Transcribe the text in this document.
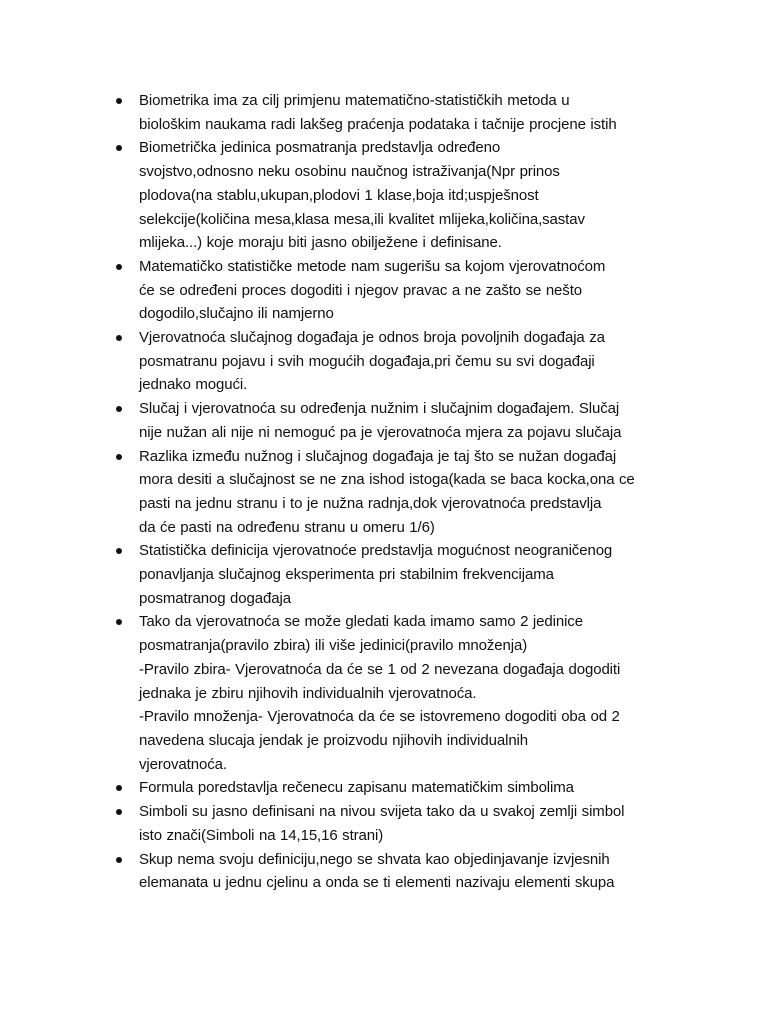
Biometrika ima za cilj primjenu matematično-statističkih metoda u
biološkim naukama radi lakšeg praćenja podataka i tačnije procjene istih
Biometrička jedinica posmatranja predstavlja određeno
svojstvo,odnosno neku osobinu naučnog istraživanja(Npr prinos
plodova(na stablu,ukupan,plodovi 1 klase,boja itd;uspješnost
selekcije(količina mesa,klasa mesa,ili kvalitet mlijeka,količina,sastav
mlijeka...) koje moraju biti jasno obilježene i definisane.
Matematičko statističke metode nam sugerišu sa kojom vjerovatnoćom
će se određeni proces dogoditi i njegov pravac a ne zašto se nešto
dogodilo,slučajno ili namjerno
Vjerovatnoća slučajnog događaja je odnos broja povoljnih događaja za
posmatranu pojavu i svih mogućih događaja,pri čemu su svi događaji
jednako mogući.
Slučaj i vjerovatnoća su određenja nužnim i slučajnim događajem. Slučaj
nije nužan ali nije ni nemoguć pa je vjerovatnoća mjera za pojavu slučaja
Razlika između nužnog i slučajnog događaja je taj što se nužan događaj
mora desiti a slučajnost se ne zna ishod istoga(kada se baca kocka,ona ce
pasti na jednu stranu i to je nužna radnja,dok vjerovatnoća predstavlja
da će pasti na određenu stranu u omeru 1/6)
Statistička definicija vjerovatnoće predstavlja mogućnost neograničenog
ponavljanja slučajnog eksperimenta pri stabilnim frekvencijama
posmatranog događaja
Tako da vjerovatnoća se može gledati kada imamo samo 2 jedinice
posmatranja(pravilo zbira) ili više jedinici(pravilo množenja)
-Pravilo zbira- Vjerovatnoća da će se 1 od 2 nevezana događaja dogoditi
jednaka je zbiru njihovih individualnih vjerovatnoća.
-Pravilo množenja- Vjerovatnoća da će se istovremeno dogoditi oba od 2
navedena slucaja jendak je proizvodu njihovih individualnih
vjerovatnoća.
Formula poredstavlja rečenecu zapisanu matematičkim simbolima
Simboli su jasno definisani na nivou svijeta tako da u svakoj zemlji simbol
isto znači(Simboli na 14,15,16 strani)
Skup nema svoju definiciju,nego se shvata kao objedinjavanje izvjesnih
elemanata u jednu cjelinu a onda se ti elementi nazivaju elementi skupa
